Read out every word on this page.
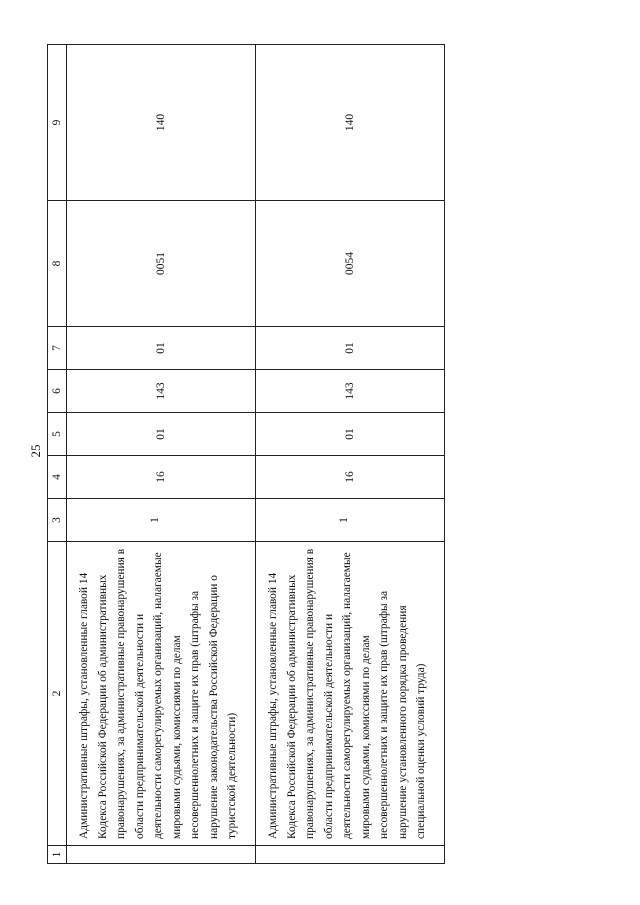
25
1	2	3	4	5	6	7	8	9
	Административные штрафы, установленные главой 14 Кодекса Российской Федерации об административных правонарушениях, за административные правонарушения в области предпринимательской деятельности и деятельности саморегулируемых организаций, налагаемые мировыми судьями, комиссиями по делам несовершеннолетних и защите их прав (штрафы за нарушение законодательства Российской Федерации о туристской деятельности)	1	16	01	143	01	0051	140
	Административные штрафы, установленные главой 14 Кодекса Российской Федерации об административных правонарушениях, за административные правонарушения в области предпринимательской деятельности и деятельности саморегулируемых организаций, налагаемые мировыми судьями, комиссиями по делам несовершеннолетних и защите их прав (штрафы за нарушение установленного порядка проведения специальной оценки условий труда)	1	16	01	143	01	0054	140
